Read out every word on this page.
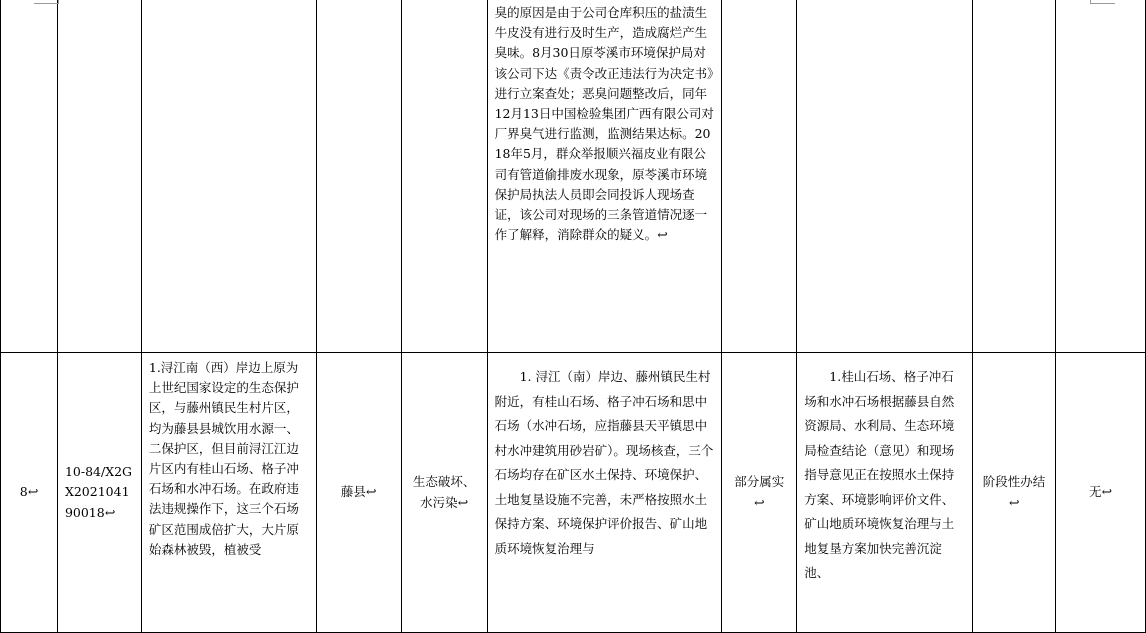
					臭的原因是由于公司仓库积压的盐渍生牛皮没有进行及时生产，造成腐烂产生臭味。8月30日原苓溪市环境保护局对该公司下达《责令改正违法行为决定书》进行立案查处；恶臭问题整改后，同年12月13日中国检验集团广西有限公司对厂界臭气进行监测，监测结果达标。2018年5月，群众举报顺兴福皮业有限公司有管道偷排废水现象，原苓溪市环境保护局执法人员即会同投诉人现场查证，该公司对现场的三条管道情况逐一作了解释，消除群众的疑义。↩				

8↩	10-84/X2GX202104190018↩	1.浔江南（西）岸边上原为上世纪国家设定的生态保护区，与藤州镇民生村片区，均为藤县县城饮用水源一、二保护区，但目前浔江江边片区内有桂山石场、格子冲石场和水冲石场。在政府违法违规操作下，这三个石场矿区范围成倍扩大，大片原始森林被毁，植被受	藤县↩	生态破坏、水污染↩	　　1. 浔江（南）岸边、藤州镇民生村附近，有桂山石场、格子冲石场和思中石场（水冲石场，应指藤县天平镇思中村水冲建筑用砂岩矿）。现场核查，三个石场均存在矿区水土保持、环境保护、土地复垦设施不完善，未严格按照水土保持方案、环境保护评价报告、矿山地质环境恢复治理与	部分属实↩	　　1.桂山石场、格子冲石场和水冲石场根据藤县自然资源局、水利局、生态环境局检查结论（意见）和现场指导意见正在按照水土保持方案、环境影响评价文件、矿山地质环境恢复治理与土地复垦方案加快完善沉淀池、	阶段性办结↩	无↩
